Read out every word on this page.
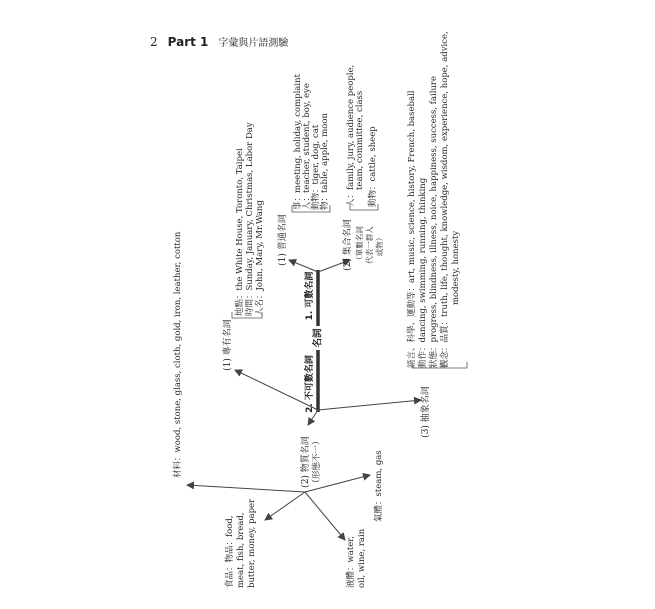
2 Part 1 字彙與片語測驗
名詞
1. 可數名詞
2. 不可數名詞
(1) 普通名詞
事：meeting, holiday, complaint
人：teacher, student, boy, eye
動物：tiger, dog, cat
物：table, apple, moon
(2) 集合名詞 （單數名詞 代表一群人 或物）
人：family, jury, audience people, team, committee, class
動物：cattle, sheep
(1) 專有名詞
地點：the White House, Toronto, Taipei
時間：Sunday, January, Christmas, Labor Day
人名：John, Mary, Mr.Wang
(2) 物質名詞 （形態不一）
材料：wood, stone, glass, cloth, gold, iron, leather, cotton
食品：物品：food, meat, fish, bread, butter, money, paper	液體：water, oil, wine, rain
氣體：steam, gas
(3) 抽象名詞
語言、科學、運動等：art, music, science, history, French, baseball 動作：dancing, swimming, running, thinking
狀態：progress, blindness, illness, noice, happiness, success, failure
觀念：品質：truth, life, thought, knowledge, wisdom, experience, hope, advice, modesty, honesty
